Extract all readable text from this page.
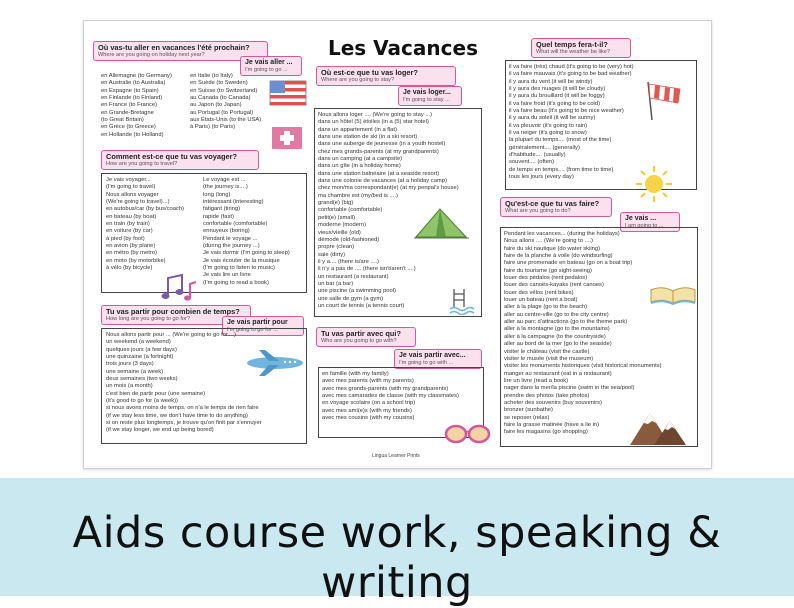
Les Vacances
Où vas-tu aller en vacances l'été prochain?
Where are you going on holiday next year?
Je vais aller ...
I'm going to go ...
en Allemagne (to Germany)
en Australie (to Australia)
en Espagne (to Spain)
en Finlande (to Finland)
en France (to France)
en Grande-Bretagne
(to Great Britain)
en Grèce (to Greece)
en Hollande (to Holland)
en Italie (to Italy)
en Suède (to Sweden)
en Suisse (to Switzerland)
au Canada (to Canada)
au Japon (to Japan)
au Portugal (to Portugal)
aux États-Unis (to the USA)
à Paris) (to Paris)
Comment est-ce que tu vas voyager?
How are you going to travel?
Je vais voyager...
(I'm going to travel)
Nous allons voyager
(We're going to travel)...)
en autobus/car (by bus/coach)
en bateau (by boat)
en train (by train)
en voiture (by car)
à pied (by foot)
en avion (by plane)
en métro (by metro)
en moto (by motorbike)
à vélo (by bicycle)
Le voyage est ...
(the journey is....)
long (long)
intéressant (interesting)
fatigant (tiring)
rapide (fast)
confortable (comfortable)
ennuyeux (boring)
Pendant le voyage ...
(during the journey ...)
Je vais dormir (I'm going to sleep)
Je vais écouter de la musique
(I'm going to listen to music)
Je vais lire un livre
(I'm going to read a book)
Tu vas partir pour combien de temps?
How long are you going to go for?	Je vais partir pour
I'm going to go for ...
Nous allons partir pour ... (We're going to go for....)
un weekend (a weekend)
quelques jours (a few days)
une quinzaine (a fortnight)
trois jours (3 days)
une semaine (a week)
deux semaines (two weeks)
un mois (a month)
c'est bien de partir pour (une semaine)
(it's good to go for (a week))
si nous avons moins de temps, on n'a le temps de rien faire
(if we stay less time, we don't have time to do anything)
si on reste plus longtemps, je trouve qu'on finit par s'ennuyer
(if we stay longer, we end up being bored)
Où est-ce que tu vas loger?
Where are you going to stay?
Je vais loger...
I'm going to stay ...
Nous allons loger .... (We're going to stay ...)
dans un hôtel (5) étoiles (in a (5) star hotel)
dans un appartement (in a flat)
dans une station de ski (in a ski resort)
dans une auberge de jeunesse (in a youth hostel)
chez mes grands-parents (at my grandparents)
dans un camping (at a campsite)
dans un gîte (in a holiday home)
dans une station balnéaire (at a seaside resort)
dans une colonie de vacances (at a holiday camp)
chez mon/ma correspondant(e) (at my penpal's house)
ma chambre est (my/bed is ....)
grand(e) (big)
confortable (comfortable)
petit(e) (small)
moderne (modern)
vieux/vieille (old)
démodé (old-fashioned)
propre (clean)
sale (dirty)
il y a.... (there is/are ....)
il n'y a pas de .... (there isn't/aren't ....)
un restaurant (a restaurant)
un bar (a bar)
une piscine (a swimming pool)
une salle de gym (a gym)
un court de tennis (a tennis court)
Tu vas partir avec qui?
Who are you going to go with?
Je vais partir avec...
I'm going to go with ...
en famille (with my family)
avec mes parents (with my parents)
avec mes grands-parents (with my grandparents)
avec mes camarades de classe (with my classmates)
en voyage scolaire (on a school trip)
avec mes ami(e)s (with my friends)
avec mes cousins (with my cousins)
Quel temps fera-t-il?
What will the weather be like?
il va faire (très) chaud (it's going to be (very) hot)
il va faire mauvais (it's going to be bad weather)
il y aura du vent (it will be windy)
il y aura des nuages (it will be cloudy)
il y aura du brouillard (it will be foggy)
il va faire froid (it's going to be cold)
il va faire beau (it's going to be nice weather)
il y aura du soleil (it will be sunny)
il va pleuvoir (it's going to rain)
il va neiger (it's going to snow)
la plupart du temps.... (most of the time)
généralement.... (generally)
d'habitude.... (usually)
souvent.... (often)
de temps en temps.... (from time to time)
tous les jours (every day)
Qu'est-ce que tu vas faire?
What are you going to do?
Je vais ...
I am going to ...
Pendant les vacances... (during the holidays)
Nous allons .... (We're going to ....)
faire du ski nautique (do water skiing)
faire de la planche à voile (do windsurfing)
faire une promenade en bateau (go on a boat trip)
faire du tourisme (go sight-seeing)
louer des pédalos (rent pedalos)
louer des canoës-kayaks (rent canoes)
louer des vélos (rent bikes)
louer un bateau (rent a boat)
aller à la plage (go to the beach)
aller au centre-ville (go to the city centre)
aller au parc d'attractions (go to the theme park)
aller à la montagne (go to the mountains)
aller à la campagne (to the countryside)
aller au bord de la mer (go to the seaside)
visiter le château (visit the castle)
visiter le musée (visit the museum)
visiter les monuments historiques (visit historical monuments)
manger au restaurant (eat in a restaurant)
lire un livre (read a book)
nager dans la mer/la piscine (swim in the sea/pool)
prendre des photos (take photos)
acheter des souvenirs (buy souvenirs)
bronzer (sunbathe)
se reposer (relax)
faire la grasse matinée (have a lie in)
faire les magasins (go shopping)
Lingua Learner Prints
Aids course work, speaking & writing
